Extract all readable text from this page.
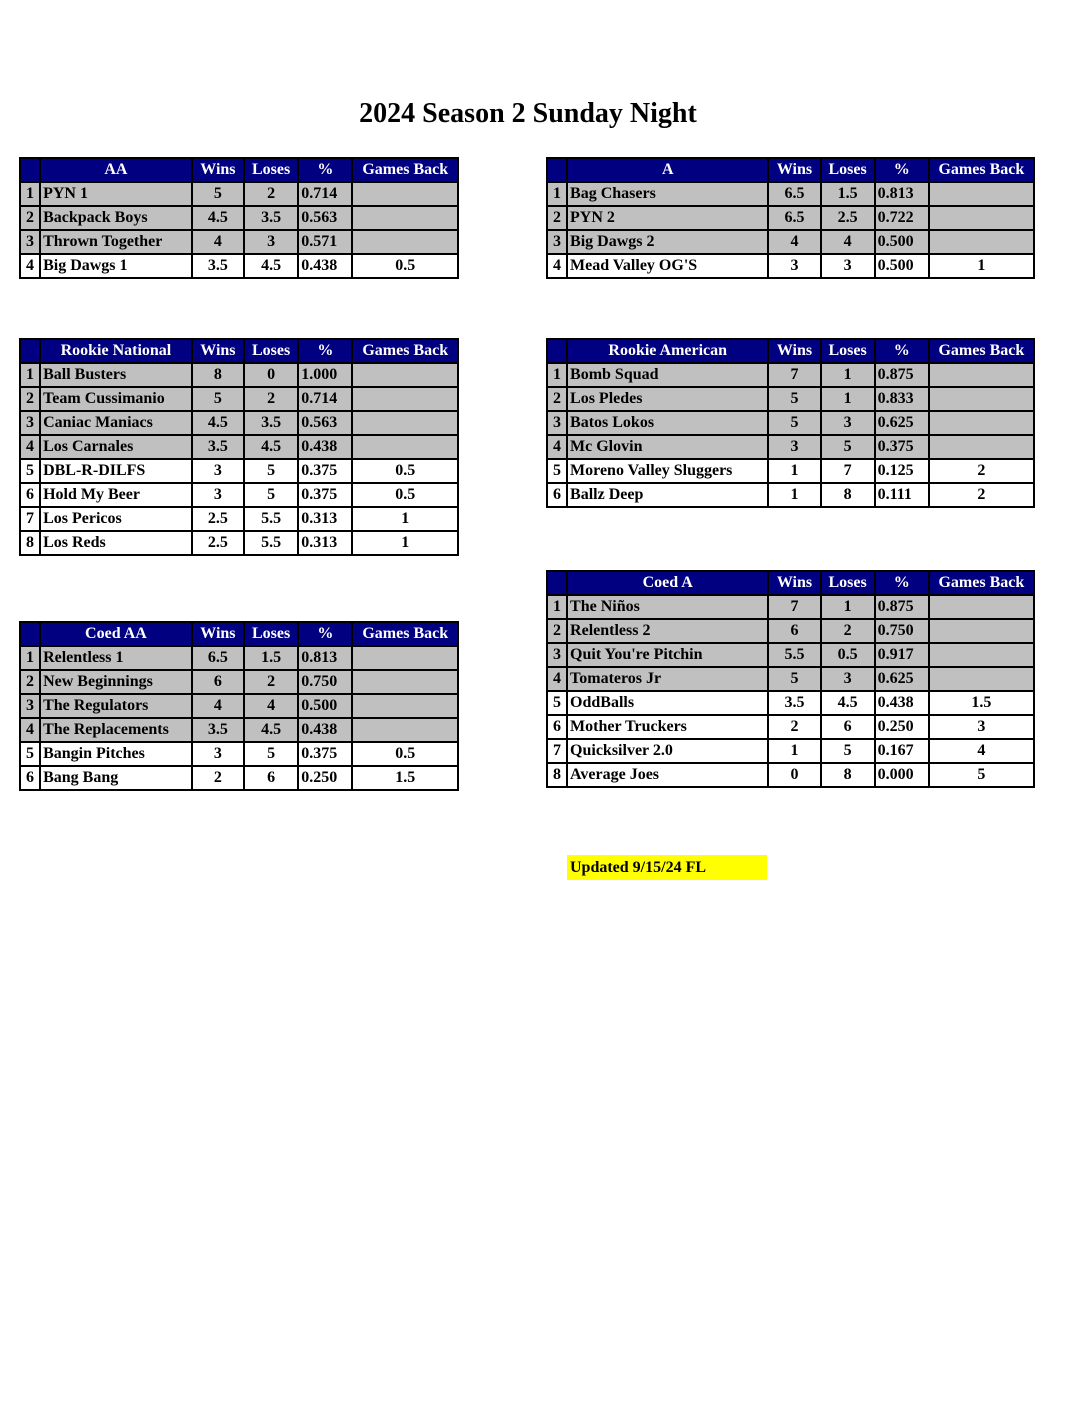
2024 Season 2 Sunday Night
	AA	Wins	Loses	%	Games Back
1	PYN 1	5	2	0.714	
2	Backpack Boys	4.5	3.5	0.563	
3	Thrown Together	4	3	0.571	
4	Big Dawgs 1	3.5	4.5	0.438	0.5
	Rookie National	Wins	Loses	%	Games Back
1	Ball Busters	8	0	1.000	
2	Team Cussimanio	5	2	0.714	
3	Caniac Maniacs	4.5	3.5	0.563	
4	Los Carnales	3.5	4.5	0.438	
5	DBL-R-DILFS	3	5	0.375	0.5
6	Hold My Beer	3	5	0.375	0.5
7	Los Pericos	2.5	5.5	0.313	1
8	Los Reds	2.5	5.5	0.313	1
	Coed AA	Wins	Loses	%	Games Back
1	Relentless 1	6.5	1.5	0.813	
2	New Beginnings	6	2	0.750	
3	The Regulators	4	4	0.500	
4	The Replacements	3.5	4.5	0.438	
5	Bangin Pitches	3	5	0.375	0.5
6	Bang Bang	2	6	0.250	1.5
	A	Wins	Loses	%	Games Back
1	Bag Chasers	6.5	1.5	0.813	
2	PYN 2	6.5	2.5	0.722	
3	Big Dawgs 2	4	4	0.500	
4	Mead Valley OG'S	3	3	0.500	1
	Rookie American	Wins	Loses	%	Games Back
1	Bomb Squad	7	1	0.875	
2	Los Pledes	5	1	0.833	
3	Batos Lokos	5	3	0.625	
4	Mc Glovin	3	5	0.375	
5	Moreno Valley Sluggers	1	7	0.125	2
6	Ballz Deep	1	8	0.111	2
	Coed A	Wins	Loses	%	Games Back
1	The Niños	7	1	0.875	
2	Relentless 2	6	2	0.750	
3	Quit You're Pitchin	5.5	0.5	0.917	
4	Tomateros Jr	5	3	0.625	
5	OddBalls	3.5	4.5	0.438	1.5
6	Mother Truckers	2	6	0.250	3
7	Quicksilver 2.0	1	5	0.167	4
8	Average Joes	0	8	0.000	5
Updated 9/15/24 FL
